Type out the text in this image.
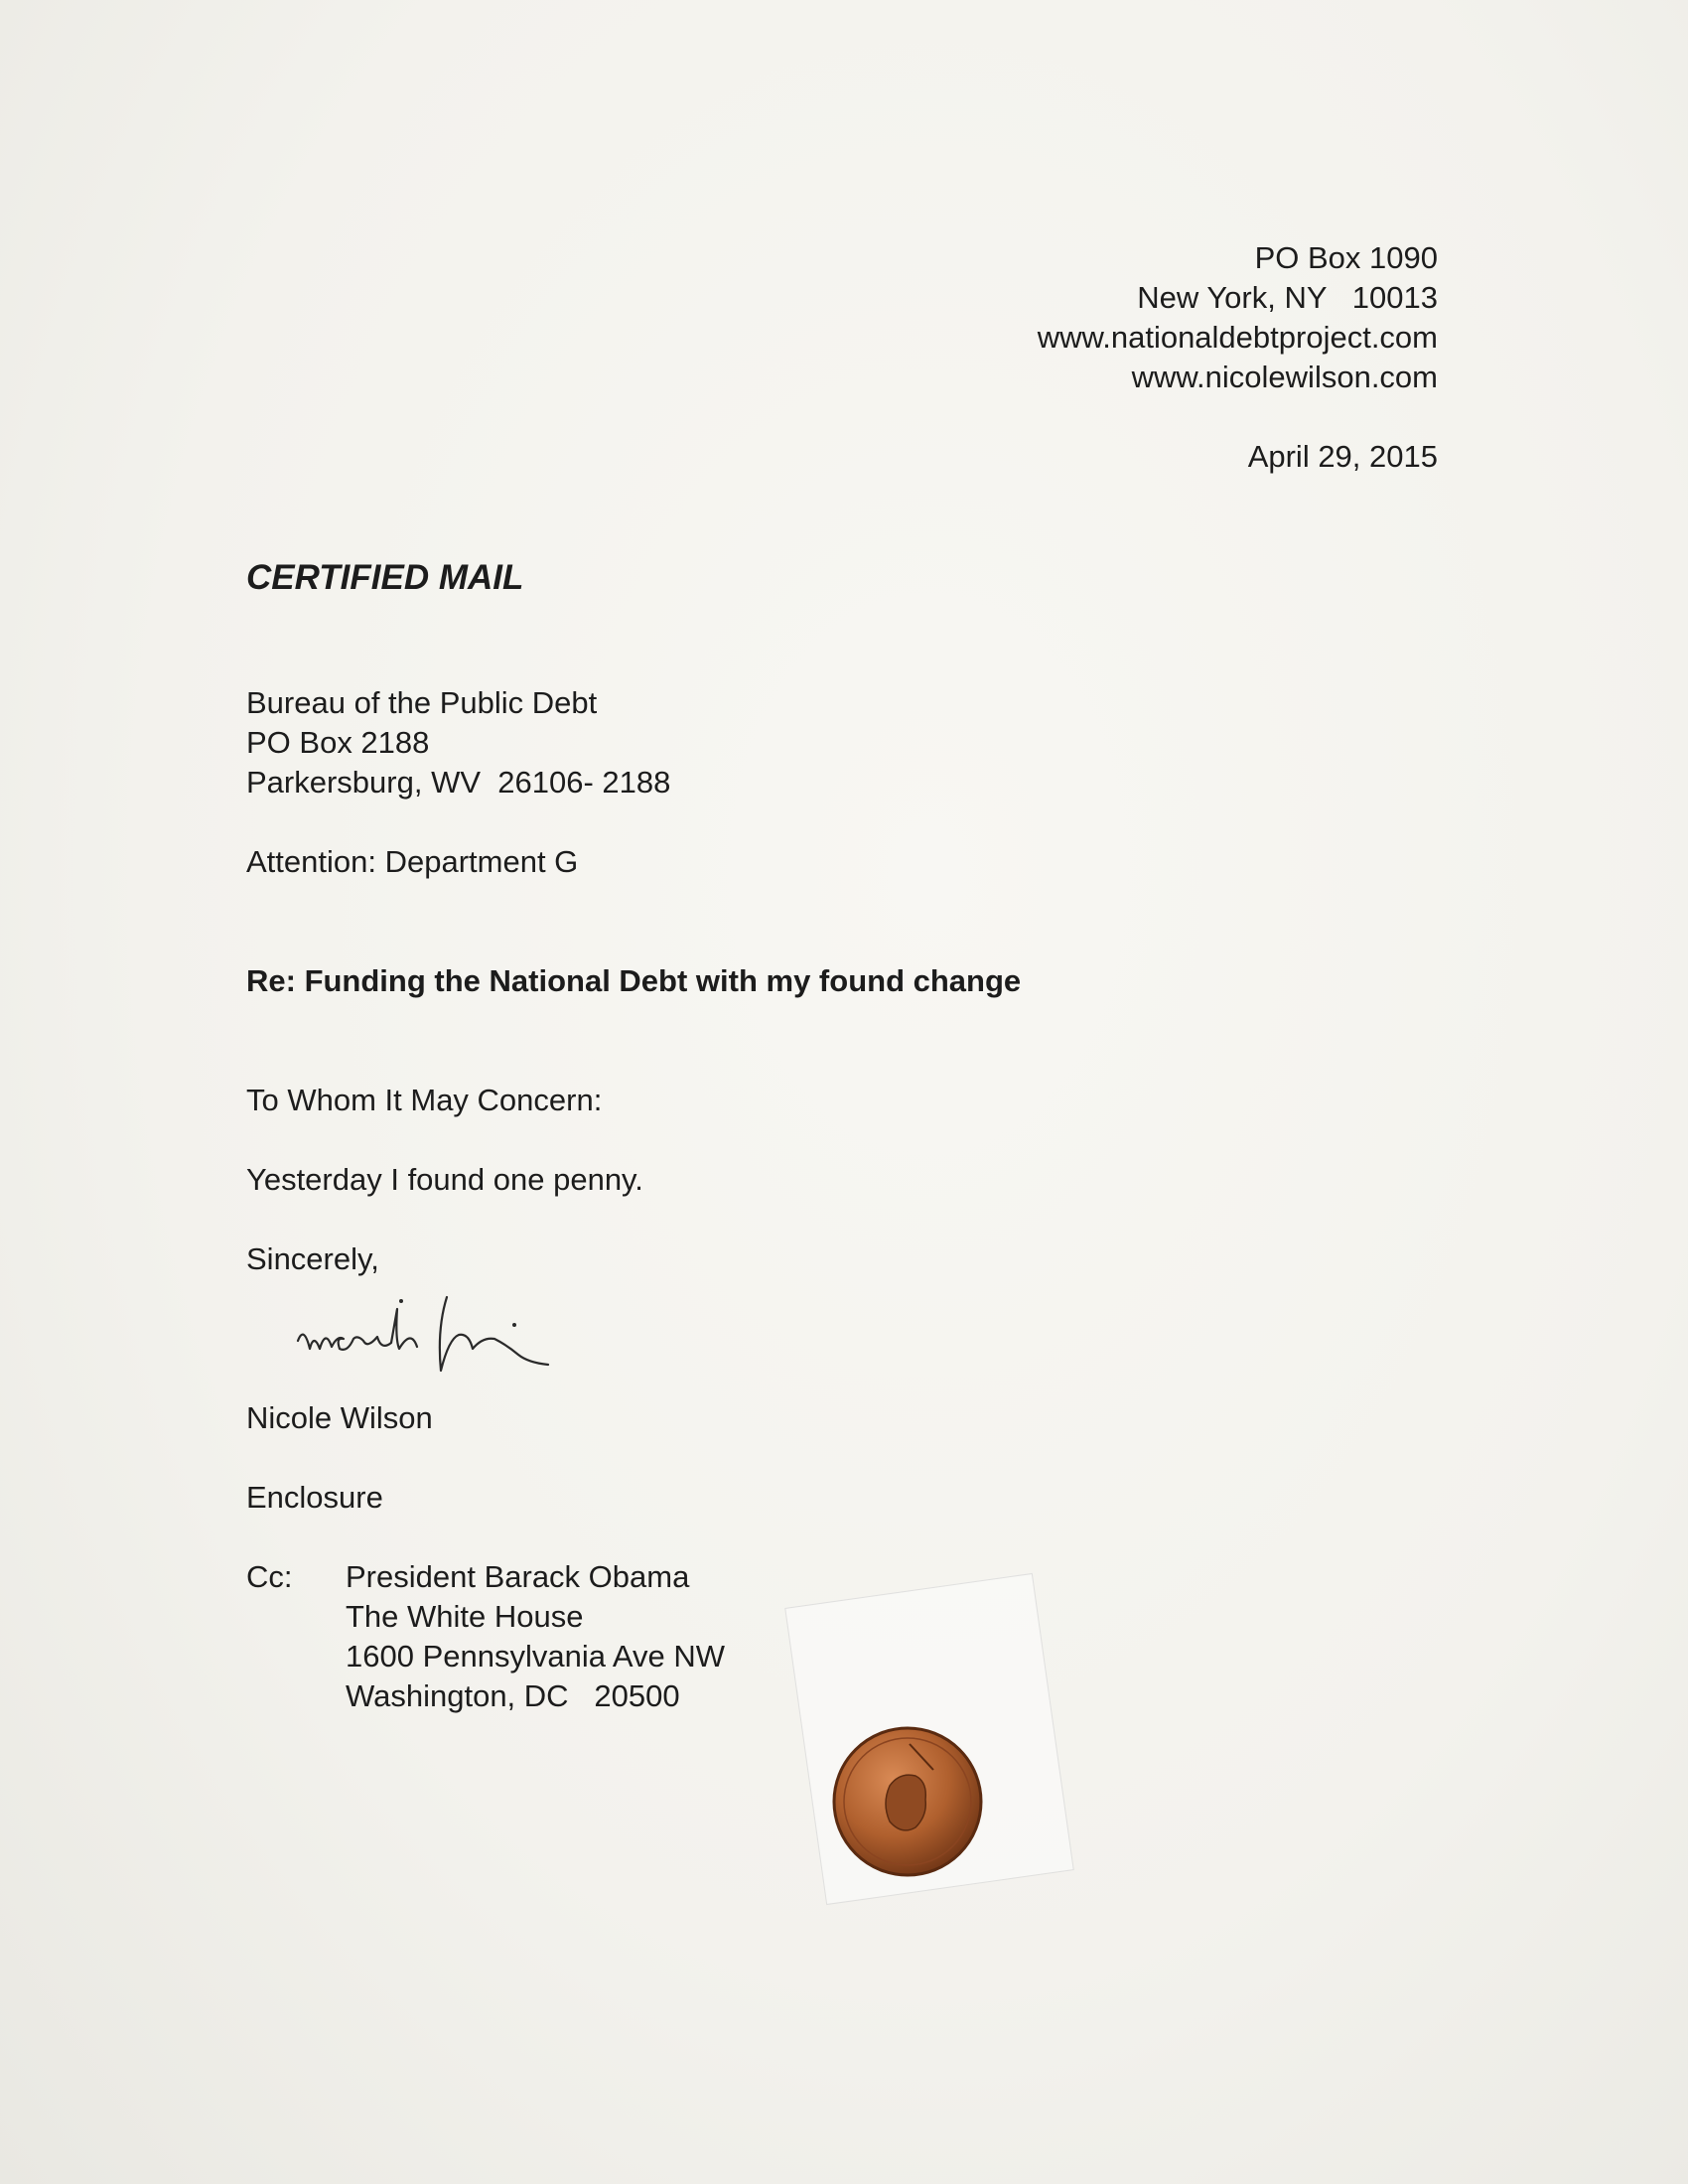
PO Box 1090

New York, NY   10013

www.nationaldebtproject.com

www.nicolewilson.com

April 29, 2015

CERTIFIED MAIL

Bureau of the Public Debt

PO Box 2188

Parkersburg, WV  26106- 2188

Attention: Department G

Re: Funding the National Debt with my found change

To Whom It May Concern:

Yesterday I found one penny.

Sincerely,

Nicole Wilson

Enclosure

Cc: President Barack Obama

The White House

1600 Pennsylvania Ave NW

Washington, DC   20500
